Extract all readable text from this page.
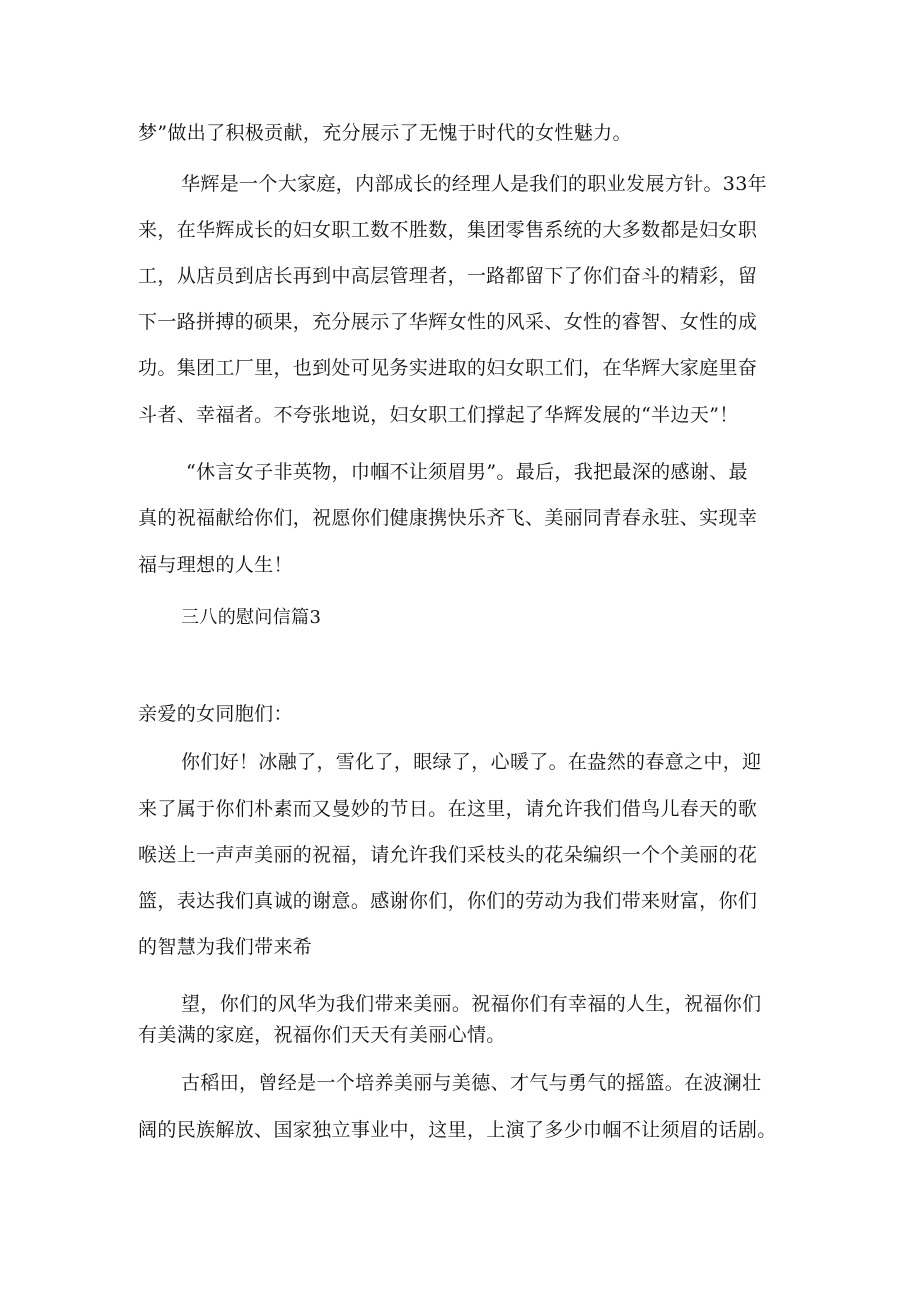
梦”做出了积极贡献，充分展示了无愧于时代的女性魅力。
华辉是一个大家庭，内部成长的经理人是我们的职业发展方针。33年
来，在华辉成长的妇女职工数不胜数，集团零售系统的大多数都是妇女职
工，从店员到店长再到中高层管理者，一路都留下了你们奋斗的精彩，留
下一路拼搏的硕果，充分展示了华辉女性的风采、女性的睿智、女性的成
功。集团工厂里，也到处可见务实进取的妇女职工们，在华辉大家庭里奋
斗者、幸福者。不夸张地说，妇女职工们撑起了华辉发展的“半边天”！
“休言女子非英物，巾帼不让须眉男”。最后，我把最深的感谢、最
真的祝福献给你们，祝愿你们健康携快乐齐飞、美丽同青春永驻、实现幸
福与理想的人生！
三八的慰问信篇3
亲爱的女同胞们：
你们好！冰融了，雪化了，眼绿了，心暖了。在盎然的春意之中，迎
来了属于你们朴素而又曼妙的节日。在这里，请允许我们借鸟儿春天的歌
喉送上一声声美丽的祝福，请允许我们采枝头的花朵编织一个个美丽的花
篮，表达我们真诚的谢意。感谢你们，你们的劳动为我们带来财富，你们
的智慧为我们带来希
望，你们的风华为我们带来美丽。祝福你们有幸福的人生，祝福你们
有美满的家庭，祝福你们天天有美丽心情。
古稻田，曾经是一个培养美丽与美德、才气与勇气的摇篮。在波澜壮
阔的民族解放、国家独立事业中，这里，上演了多少巾帼不让须眉的话剧。
